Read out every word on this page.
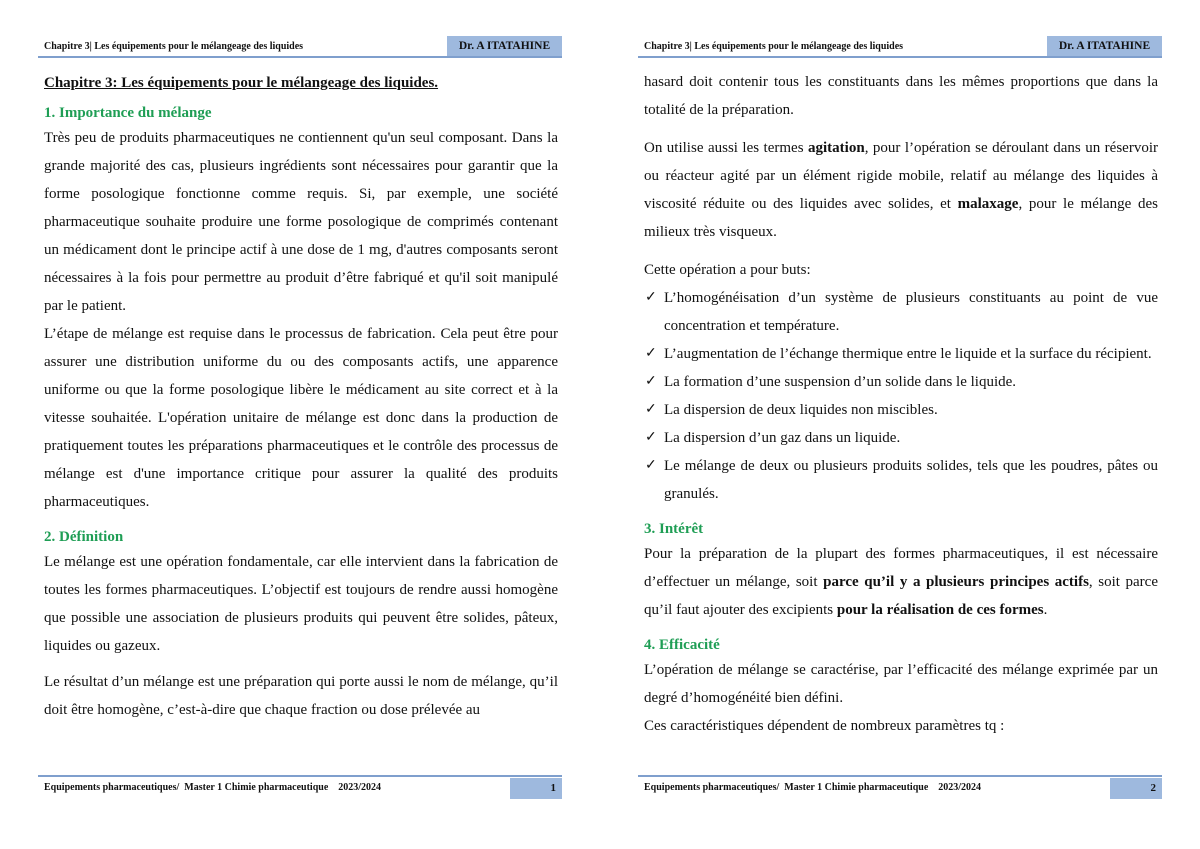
Chapitre 3| Les équipements pour le mélangeage des liquides	Dr. A ITATAHINE

Chapitre 3: Les équipements pour le mélangeage des liquides.

1. Importance du mélange

Très peu de produits pharmaceutiques ne contiennent qu'un seul composant. Dans la grande majorité des cas, plusieurs ingrédients sont nécessaires pour garantir que la forme posologique fonctionne comme requis. Si, par exemple, une société pharmaceutique souhaite produire une forme posologique de comprimés contenant un médicament dont le principe actif à une dose de 1 mg, d'autres composants seront nécessaires à la fois pour permettre au produit d’être fabriqué et qu'il soit manipulé par le patient.

L’étape de mélange est requise dans le processus de fabrication. Cela peut être pour assurer une distribution uniforme du ou des composants actifs, une apparence uniforme ou que la forme posologique libère le médicament au site correct et à la vitesse souhaitée. L'opération unitaire de mélange est donc dans la production de pratiquement toutes les préparations pharmaceutiques et le contrôle des processus de mélange est d'une importance critique pour assurer la qualité des produits pharmaceutiques.

2. Définition

Le mélange est une opération fondamentale, car elle intervient dans la fabrication de toutes les formes pharmaceutiques. L’objectif est toujours de rendre aussi homogène que possible une association de plusieurs produits qui peuvent être solides, pâteux, liquides ou gazeux.

Le résultat d’un mélange est une préparation qui porte aussi le nom de mélange, qu’il doit être homogène, c’est-à-dire que chaque fraction ou dose prélevée au

Equipements pharmaceutiques/  Master 1 Chimie pharmaceutique    2023/2024	1
Chapitre 3| Les équipements pour le mélangeage des liquides	Dr. A ITATAHINE

hasard doit contenir tous les constituants dans les mêmes proportions que dans la totalité de la préparation.

On utilise aussi les termes agitation, pour l’opération se déroulant dans un réservoir ou réacteur agité par un élément rigide mobile, relatif au mélange des liquides à viscosité réduite ou des liquides avec solides, et malaxage, pour le mélange des milieux très visqueux.

Cette opération a pour buts:

✓ L’homogénéisation d’un système de plusieurs constituants au point de vue concentration et température.
✓ L’augmentation de l’échange thermique entre le liquide et la surface du récipient.
✓ La formation d’une suspension d’un solide dans le liquide.
✓ La dispersion de deux liquides non miscibles.
✓ La dispersion d’un gaz dans un liquide.
✓ Le mélange de deux ou plusieurs produits solides, tels que les poudres, pâtes ou granulés.

3. Intérêt

Pour la préparation de la plupart des formes pharmaceutiques, il est nécessaire d’effectuer un mélange, soit parce qu’il y a plusieurs principes actifs, soit parce qu’il faut ajouter des excipients pour la réalisation de ces formes.

4. Efficacité

L’opération de mélange se caractérise, par l’efficacité des mélange exprimée par un degré d’homogénéité bien défini.

Ces caractéristiques dépendent de nombreux paramètres tq :

Equipements pharmaceutiques/  Master 1 Chimie pharmaceutique    2023/2024	2
